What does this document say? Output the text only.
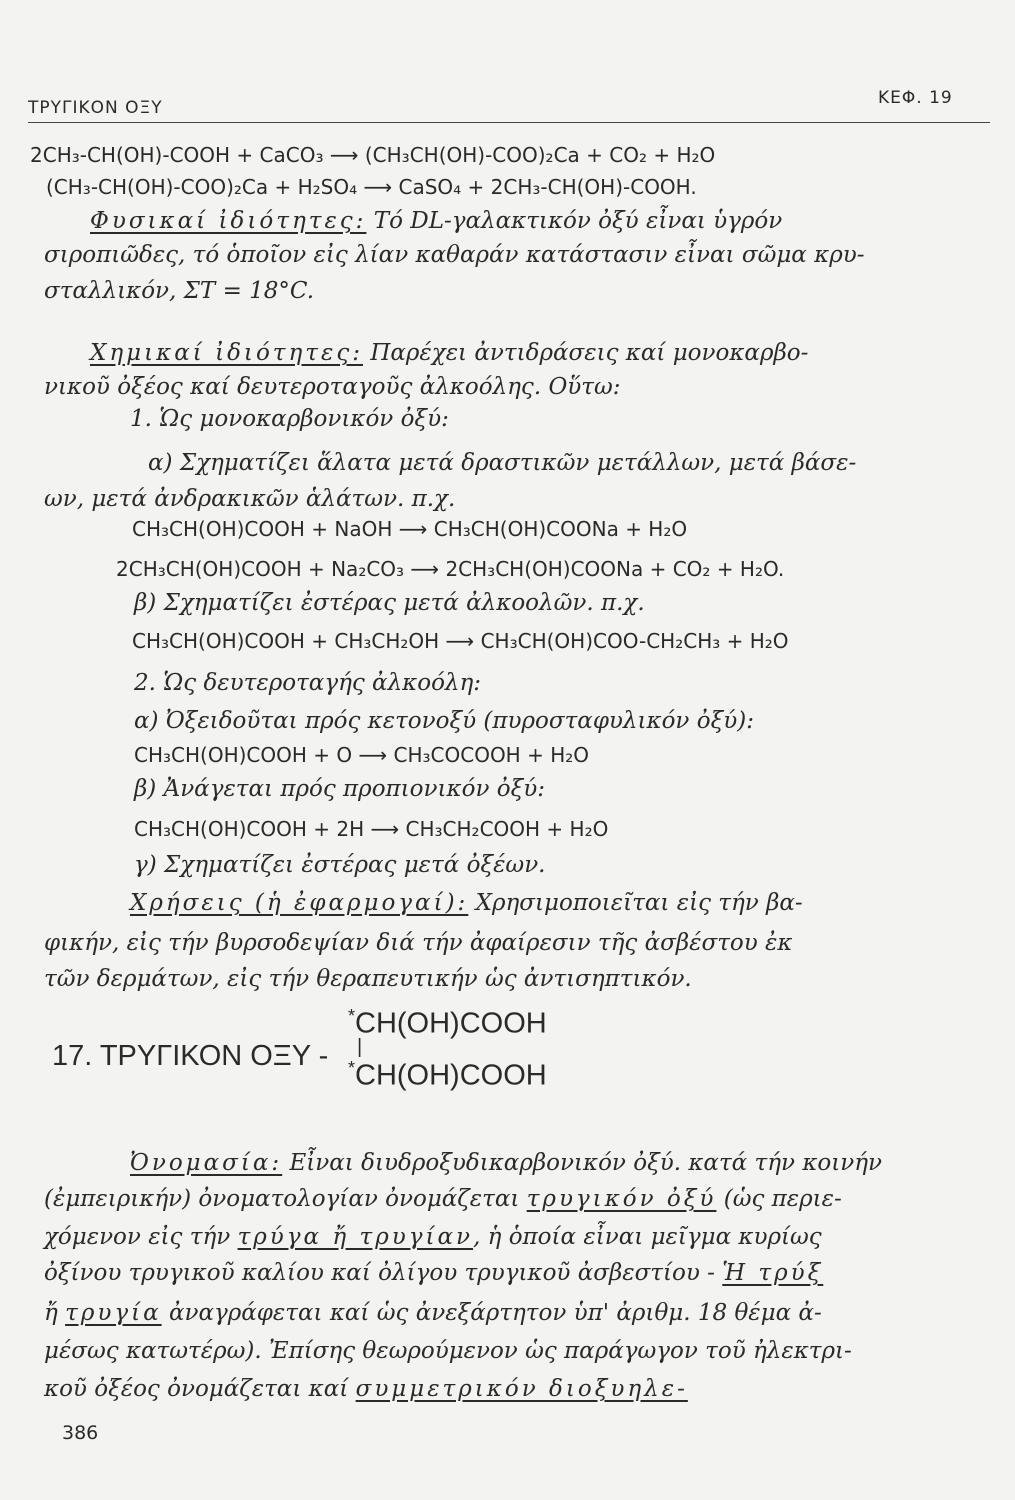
ΤΡΥΓΙΚΟΝ ΟΞΥ	ΚΕΦ. 19
2CH₃-CH(OH)-COOH + CaCO₃ ⟶ (CH₃CH(OH)-COO)₂Ca + CO₂ + H₂O
(CH₃-CH(OH)-COO)₂Ca + H₂SO₄ ⟶ CaSO₄ + 2CH₃-CH(OH)-COOH.
Φυσικαί ἰδιότητες: Τό DL-γαλακτικόν ὀξύ εἶναι ὑγρόν
σιροπιῶδες, τό ὁποῖον εἰς λίαν καθαράν κατάστασιν εἶναι σῶμα κρυ-
σταλλικόν, ΣΤ = 18°C.
Χημικαί ἰδιότητες: Παρέχει ἀντιδράσεις καί μονοκαρβο-
νικοῦ ὀξέος καί δευτεροταγοῦς ἀλκοόλης. Οὕτω:
1. Ὡς μονοκαρβονικόν ὀξύ:
α) Σχηματίζει ἅλατα μετά δραστικῶν μετάλλων, μετά βάσε-
ων, μετά ἀνδρακικῶν ἁλάτων. π.χ.
CH₃CH(OH)COOH + NaOH ⟶ CH₃CH(OH)COONa + H₂O
2CH₃CH(OH)COOH + Na₂CO₃ ⟶ 2CH₃CH(OH)COONa + CO₂ + H₂O.
β) Σχηματίζει ἐστέρας μετά ἀλκοολῶν. π.χ.
CH₃CH(OH)COOH + CH₃CH₂OH ⟶ CH₃CH(OH)COO-CH₂CH₃ + H₂O
2. Ὡς δευτεροταγής ἀλκοόλη:
α) Ὀξειδοῦται πρός κετονοξύ (πυροσταφυλικόν ὀξύ):
CH₃CH(OH)COOH + O ⟶ CH₃COCOOH + H₂O
β) Ἀνάγεται πρός προπιονικόν ὀξύ:
CH₃CH(OH)COOH + 2H ⟶ CH₃CH₂COOH + H₂O
γ) Σχηματίζει ἐστέρας μετά ὀξέων.
Χρήσεις (ἡ ἐφαρμογαί): Χρησιμοποιεῖται εἰς τήν βα-
φικήν, εἰς τήν βυρσοδεψίαν διά τήν ἀφαίρεσιν τῆς ἀσβέστου ἐκ
τῶν δερμάτων, εἰς τήν θεραπευτικήν ὡς ἀντισηπτικόν.
17. ΤΡΥΓΙΚΟΝ ΟΞΥ -
*CH(OH)COOH
|
*CH(OH)COOH
Ὀνομασία: Εἶναι διυδροξυδικαρβονικόν ὀξύ. κατά τήν κοινήν
(ἐμπειρικήν) ὀνοματολογίαν ὀνομάζεται τρυγικόν ὀξύ (ὡς περιε-
χόμενον εἰς τήν τρύγα ἤ τρυγίαν, ἡ ὁποία εἶναι μεῖγμα κυρίως
ὀξίνου τρυγικοῦ καλίου καί ὀλίγου τρυγικοῦ ἀσβεστίου - Ἡ τρύξ
ἤ τρυγία ἀναγράφεται καί ὡς ἀνεξάρτητον ὑπ' ἀριθμ. 18 θέμα ἀ-
μέσως κατωτέρω). Ἐπίσης θεωρούμενον ὡς παράγωγον τοῦ ἠλεκτρι-
κοῦ ὀξέος ὀνομάζεται καί συμμετρικόν διοξυηλε-
386
